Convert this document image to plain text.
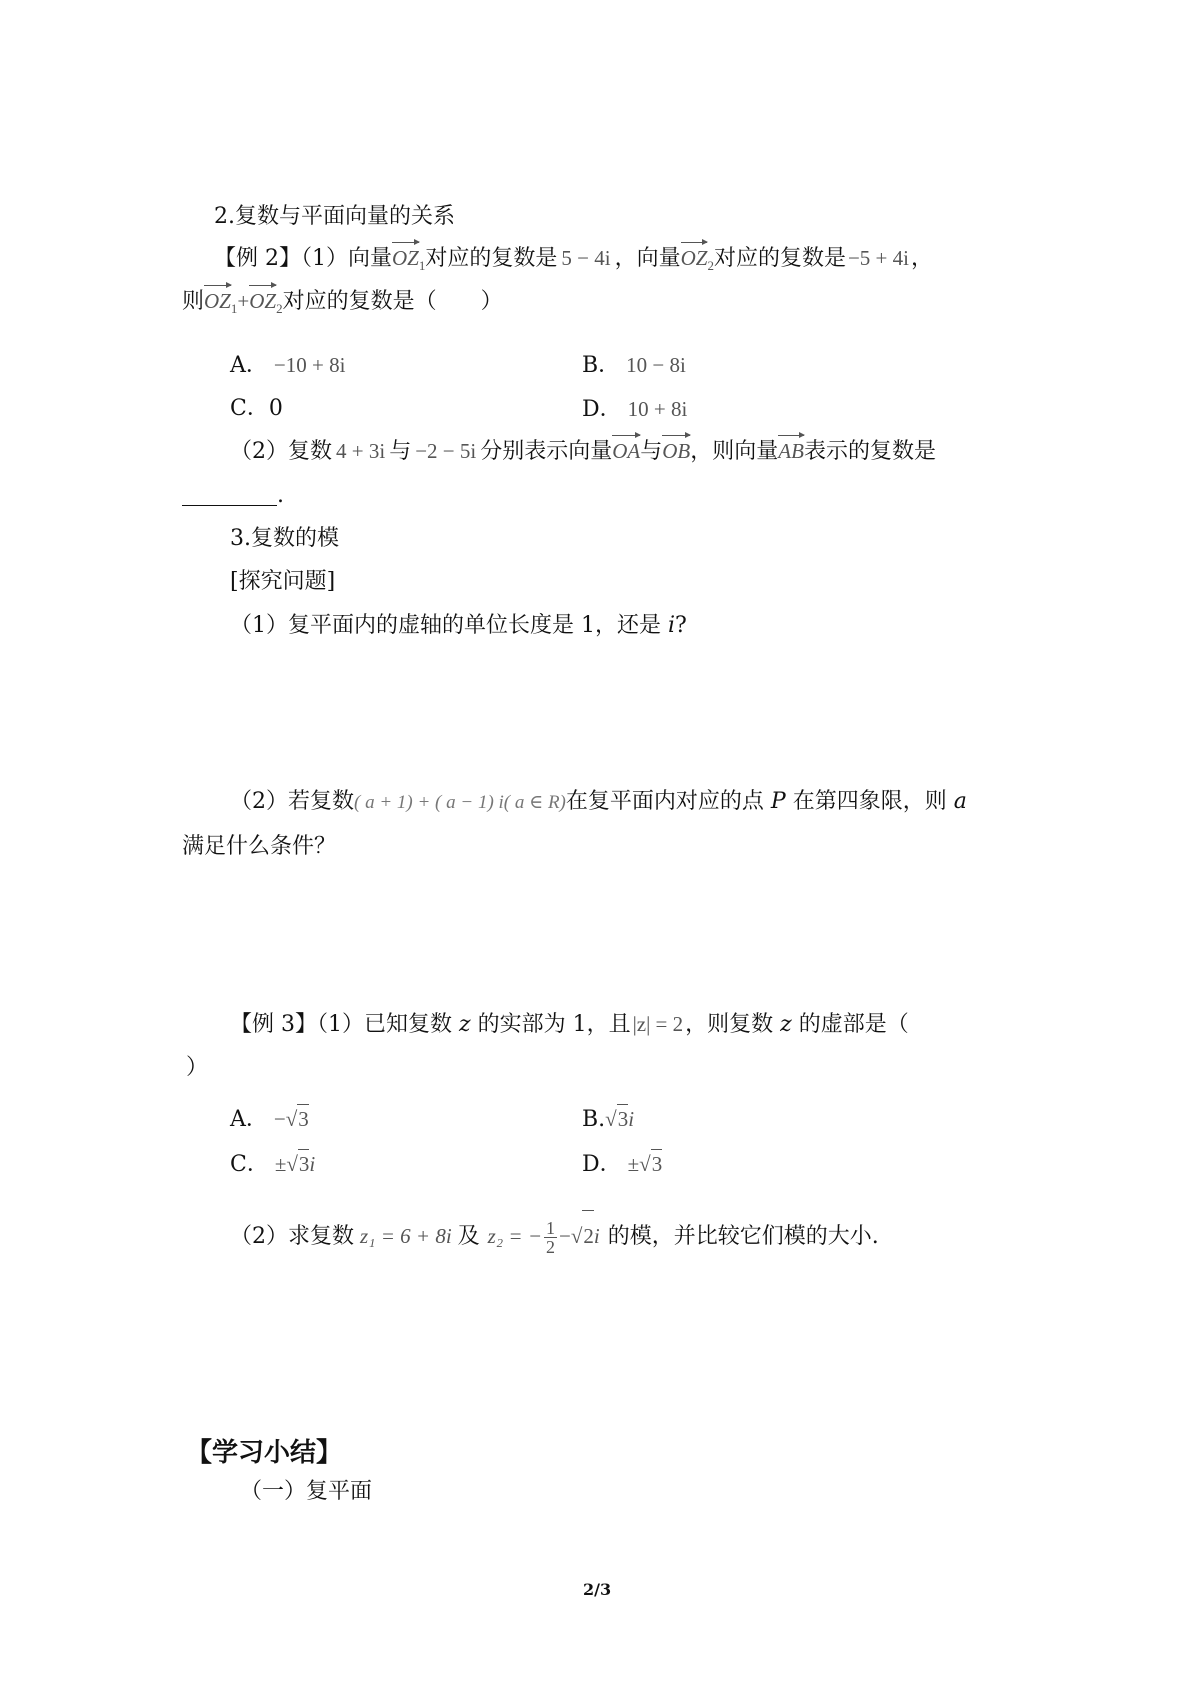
2.复数与平面向量的关系
【例 2】（1）向量
$OZ_1$对应的复数是 5 − 4i ，向量
$OZ_2$对应的复数是−5 + 4i，
则
$OZ_1+$
$OZ_2$对应的复数是（　　）
A． −10 + 8i	B． 10 − 8i
C．0	D． 10 + 8i
（2）复数 4 + 3i 与 −2 − 5i 分别表示向量
OA与
OB，则向量
AB表示的复数是
.
3.复数的模
[探究问题]
（1）复平面内的虚轴的单位长度是 1，还是 i?
（2）若复数( a + 1) + ( a − 1) i( a ∈ R)在复平面内对应的点 P 在第四象限，则 a
满足什么条件？
【例 3】（1）已知复数 z 的实部为 1，且|z| = 2，则复数 z 的虚部是（
）
A． −√3	B.√3i
C． ±√3i	D． ±√3
（2）求复数 z₁ = 6 + 8i 及 z₂ = − $\frac{1}{2} -√2i$ 的模，并比较它们模的大小.
【学习小结】
（一）复平面
2/3
